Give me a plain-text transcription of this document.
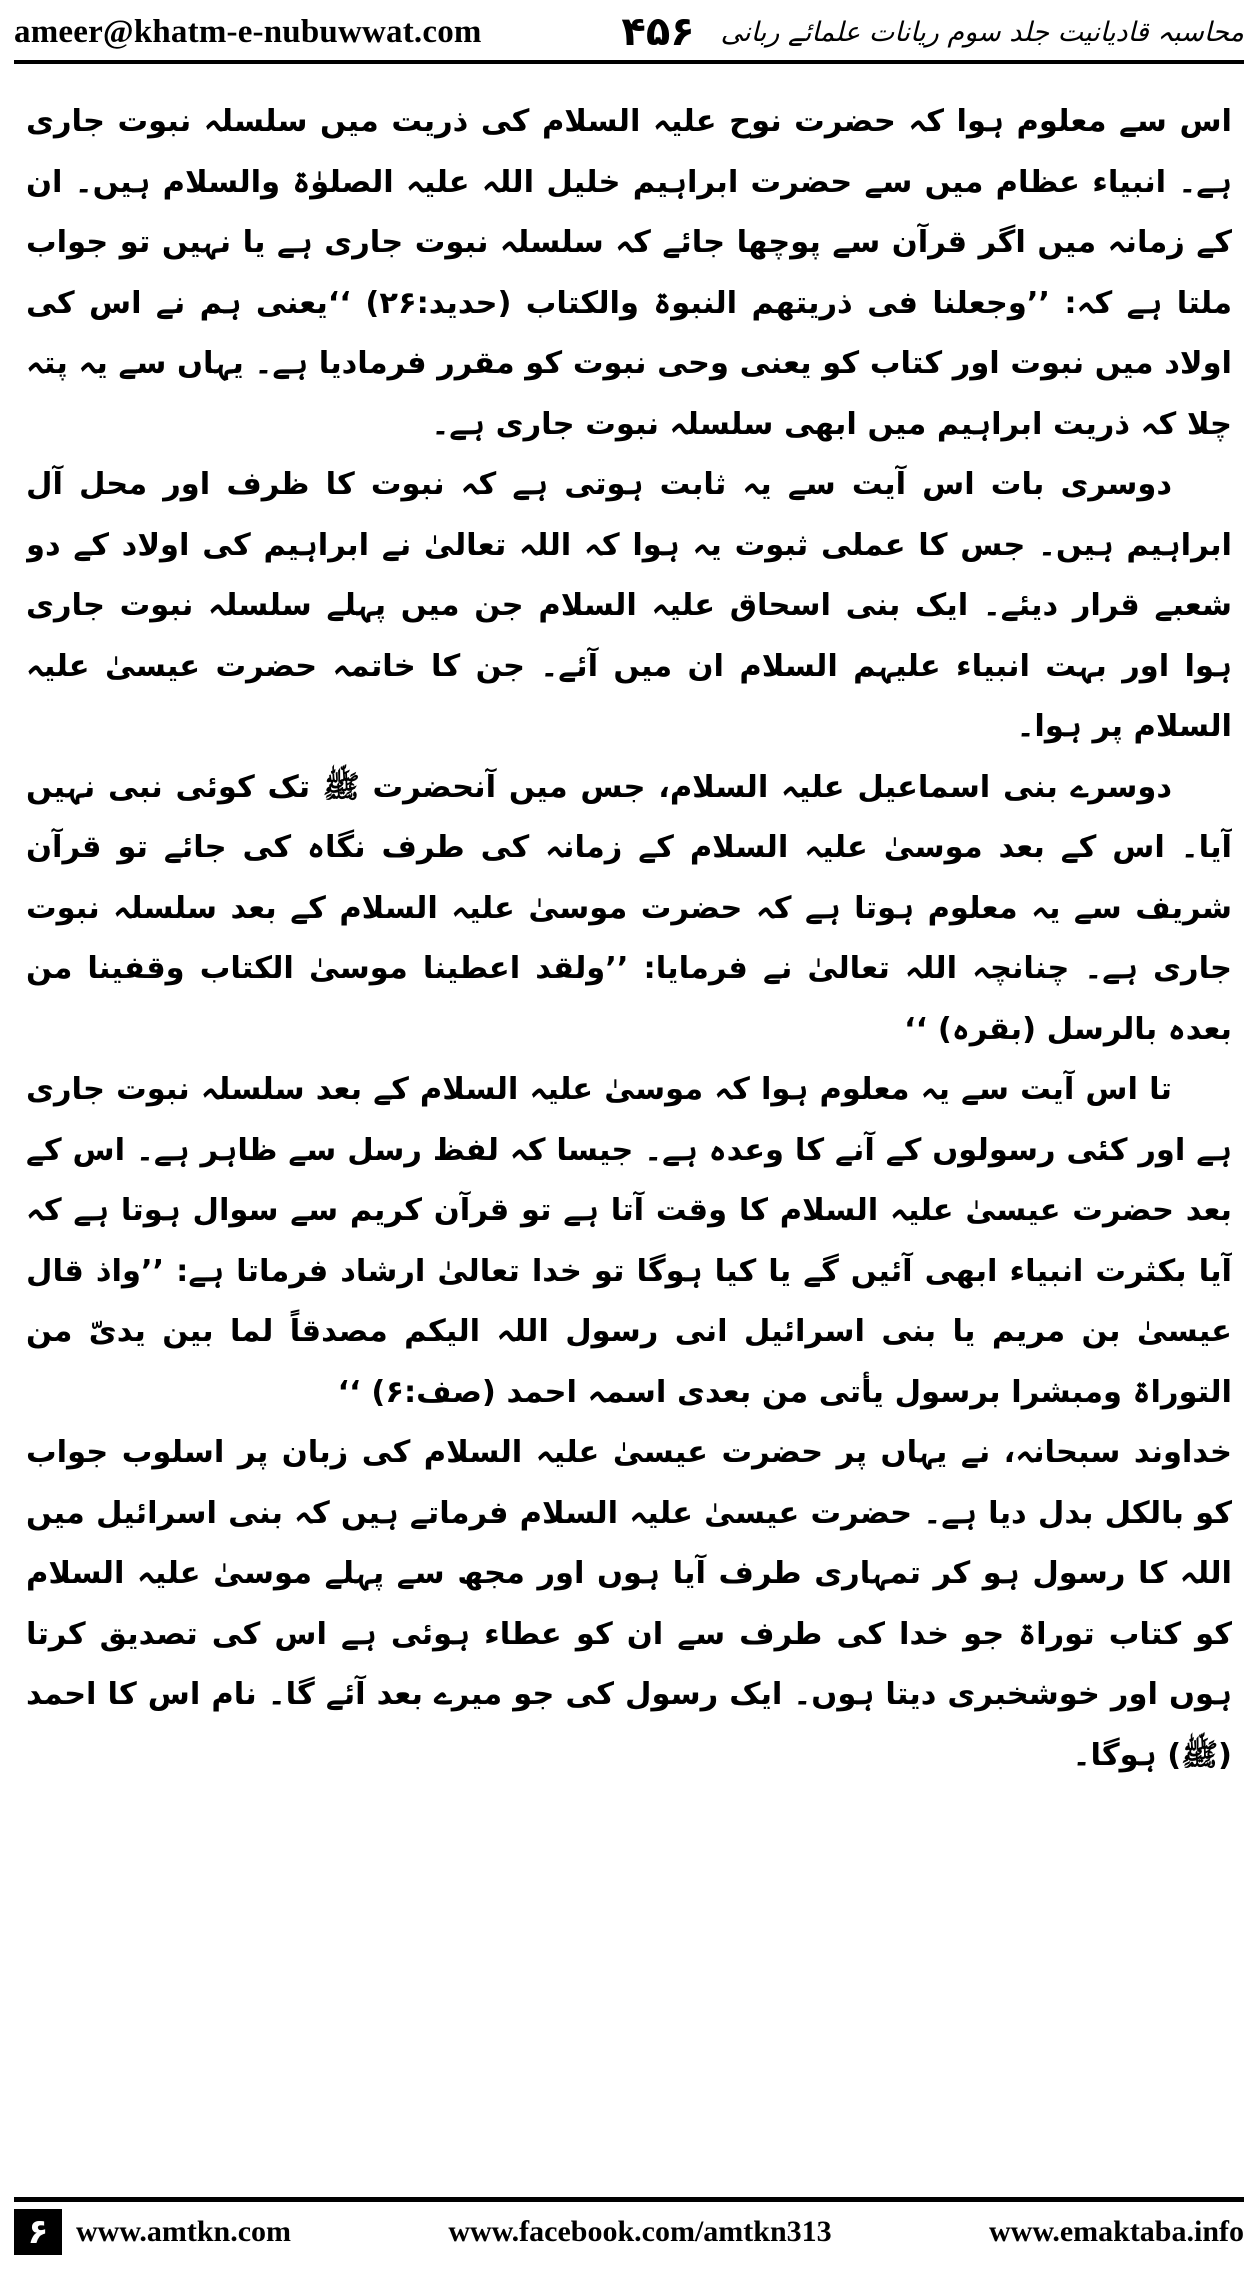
ameer@khatm-e-nubuwwat.com	۴۵۶ محاسبہ قادیانیت جلد سوم ریانات علمائے ربانی

اس سے معلوم ہوا کہ حضرت نوح علیہ السلام کی ذریت میں سلسلہ نبوت جاری ہے۔ انبیاء عظام میں سے حضرت ابراہیم خلیل اللہ علیہ الصلوٰۃ والسلام ہیں۔ ان کے زمانہ میں اگر قرآن سے پوچھا جائے کہ سلسلہ نبوت جاری ہے یا نہیں تو جواب ملتا ہے کہ: ’’وجعلنا فی ذریتھم النبوۃ والکتاب (حدید:۲۶) ‘‘یعنی ہم نے اس کی اولاد میں نبوت اور کتاب کو یعنی وحی نبوت کو مقرر فرمادیا ہے۔ یہاں سے یہ پتہ چلا کہ ذریت ابراہیم میں ابھی سلسلہ نبوت جاری ہے۔

دوسری بات اس آیت سے یہ ثابت ہوتی ہے کہ نبوت کا ظرف اور محل آل ابراہیم ہیں۔ جس کا عملی ثبوت یہ ہوا کہ اللہ تعالیٰ نے ابراہیم کی اولاد کے دو شعبے قرار دیئے۔ ایک بنی اسحاق علیہ السلام جن میں پہلے سلسلہ نبوت جاری ہوا اور بہت انبیاء علیہم السلام ان میں آئے۔ جن کا خاتمہ حضرت عیسیٰ علیہ السلام پر ہوا۔

دوسرے بنی اسماعیل علیہ السلام، جس میں آنحضرت ﷺ تک کوئی نبی نہیں آیا۔ اس کے بعد موسیٰ علیہ السلام کے زمانہ کی طرف نگاہ کی جائے تو قرآن شریف سے یہ معلوم ہوتا ہے کہ حضرت موسیٰ علیہ السلام کے بعد سلسلہ نبوت جاری ہے۔ چنانچہ اللہ تعالیٰ نے فرمایا: ’’ولقد اعطینا موسیٰ الکتاب وقفینا من بعدہ بالرسل (بقرہ) ‘‘

تا اس آیت سے یہ معلوم ہوا کہ موسیٰ علیہ السلام کے بعد سلسلہ نبوت جاری ہے اور کئی رسولوں کے آنے کا وعدہ ہے۔ جیسا کہ لفظ رسل سے ظاہر ہے۔ اس کے بعد حضرت عیسیٰ علیہ السلام کا وقت آتا ہے تو قرآن کریم سے سوال ہوتا ہے کہ آیا بکثرت انبیاء ابھی آئیں گے یا کیا ہوگا تو خدا تعالیٰ ارشاد فرماتا ہے: ’’واذ قال عیسیٰ بن مریم یا بنی اسرائیل انی رسول اللہ الیکم مصدقاً لما بین یدیّ من التوراۃ ومبشرا برسول یأتی من بعدی اسمہ احمد (صف:۶) ‘‘

خداوند سبحانہ، نے یہاں پر حضرت عیسیٰ علیہ السلام کی زبان پر اسلوب جواب کو بالکل بدل دیا ہے۔ حضرت عیسیٰ علیہ السلام فرماتے ہیں کہ بنی اسرائیل میں اللہ کا رسول ہو کر تمہاری طرف آیا ہوں اور مجھ سے پہلے موسیٰ علیہ السلام کو کتاب توراۃ جو خدا کی طرف سے ان کو عطاء ہوئی ہے اس کی تصدیق کرتا ہوں اور خوشخبری دیتا ہوں۔ ایک رسول کی جو میرے بعد آئے گا۔ نام اس کا احمد (ﷺ) ہوگا۔

۶ www.amtkn.com	www.facebook.com/amtkn313	www.emaktaba.info
